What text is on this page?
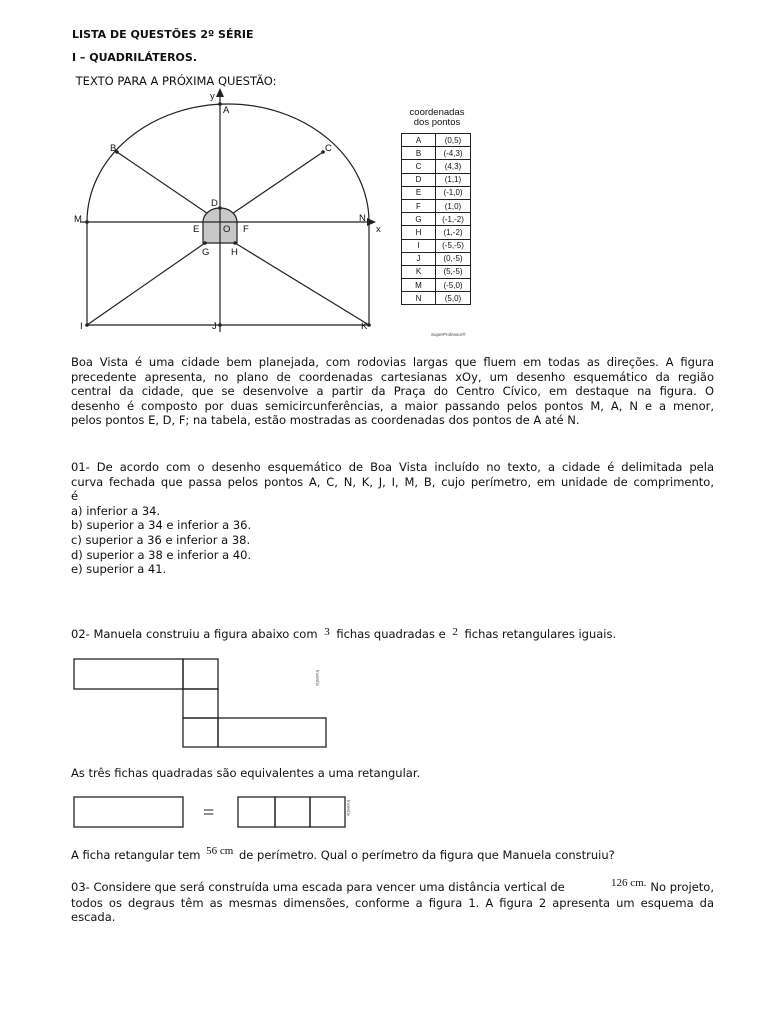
LISTA DE QUESTÕES 2º SÉRIE
I – QUADRILÁTEROS.
TEXTO PARA A PRÓXIMA QUESTÃO:
y
x
A
B	C
D
E O F
G H
M	N
I	J	K
coordenadas
dos pontos
A	(0,5)
B	(-4,3)
C	(4,3)
D	(1,1)
E	(-1,0)
F	(1,0)
G	(-1,-2)
H	(1,-2)
I	(-5,-5)
J	(0,-5)
K	(5,-5)
M	(-5,0)
N	(5,0)
SuperProfessor®
Boa Vista é uma cidade bem planejada, com rodovias largas que fluem em todas as direções. A figura
precedente apresenta, no plano de coordenadas cartesianas xOy, um desenho esquemático da região
central da cidade, que se desenvolve a partir da Praça do Centro Cívico, em destaque na figura. O
desenho é composto por duas semicircunferências, a maior passando pelos pontos M, A, N e a menor,
pelos pontos E, D, F; na tabela, estão mostradas as coordenadas dos pontos de A até N.
01- De acordo com o desenho esquemático de Boa Vista incluído no texto, a cidade é delimitada pela
curva fechada que passa pelos pontos A, C, N, K, J, I, M, B, cujo perímetro, em unidade de comprimento,
é
a) inferior a 34.
b) superior a 34 e inferior a 36.
c) superior a 36 e inferior a 38.
d) superior a 38 e inferior a 40.
e) superior a 41.
02- Manuela construiu a figura abaixo com 3 fichas quadradas e 2 fichas retangulares iguais.
Inventiv
As três fichas quadradas são equivalentes a uma retangular.
=	Inventiv
A ficha retangular tem 56 cm de perímetro. Qual o perímetro da figura que Manuela construiu?
03- Considere que será construída uma escada para vencer uma distância vertical de	126 cm. No projeto,
todos os degraus têm as mesmas dimensões, conforme a figura 1. A figura 2 apresenta um esquema da
escada.
